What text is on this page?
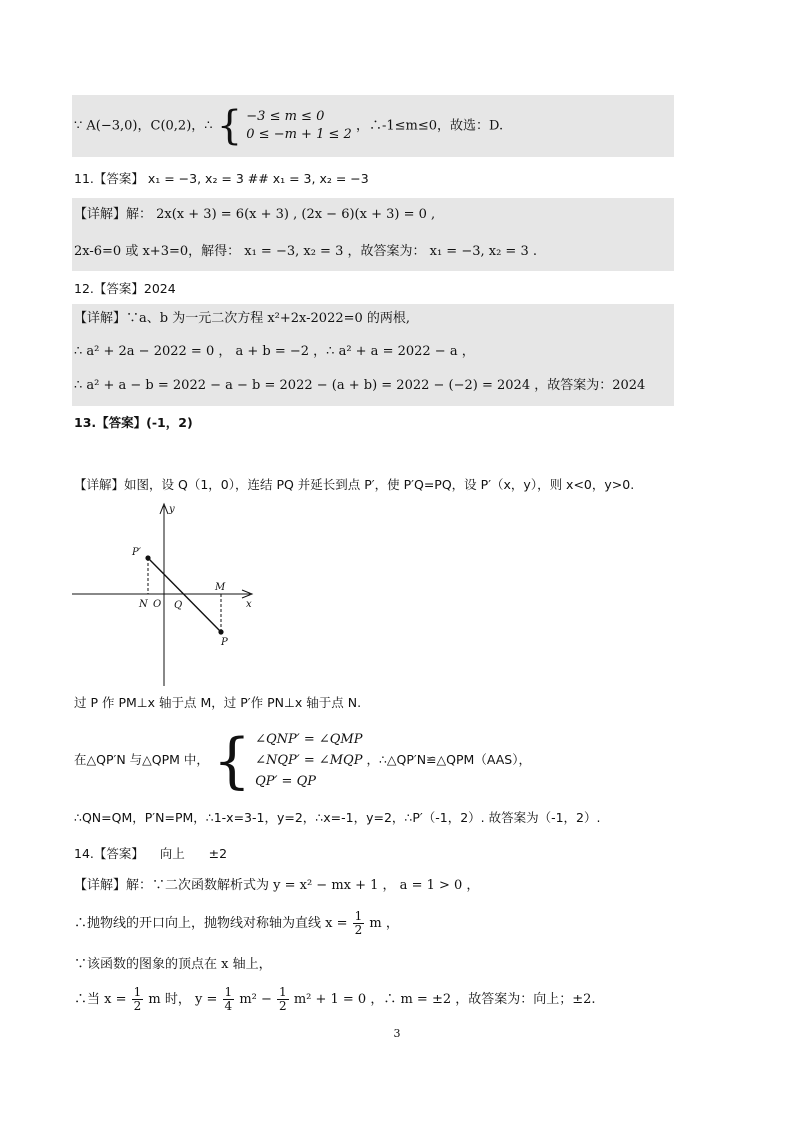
∵ A(−3,0)，C(0,2)，∴ { −3 ≤ m ≤ 0
0 ≤ −m + 1 ≤ 2
，∴-1≤m≤0，故选：D.
11.【答案】 x₁ = −3, x₂ = 3 ## x₁ = 3, x₂ = −3
【详解】解： 2x(x + 3) = 6(x + 3) , (2x − 6)(x + 3) = 0 ,
2x-6=0 或 x+3=0，解得： x₁ = −3, x₂ = 3 ，故答案为： x₁ = −3, x₂ = 3 .
12.【答案】2024
【详解】∵a、b 为一元二次方程 x²+2x-2022=0 的两根,
∴ a² + 2a − 2022 = 0 ， a + b = −2 ，∴ a² + a = 2022 − a ，
∴ a² + a − b = 2022 − a − b = 2022 − (a + b) = 2022 − (−2) = 2024 ，故答案为：2024
13.【答案】(-1，2)
【详解】如图，设 Q（1，0），连结 PQ 并延长到点 P′，使 P′Q=PQ，设 P′（x，y），则 x<0，y>0.
y
x
P′
N O Q
M
P
过 P 作 PM⊥x 轴于点 M，过 P′作 PN⊥x 轴于点 N.
在△QP′N 与△QPM 中， { ∠QNP′ = ∠QMP
∠NQP′ = ∠MQP
QP′ = QP
，∴△QP′N≌△QPM（AAS），
∴QN=QM，P′N=PM，∴1-x=3-1，y=2，∴x=-1，y=2，∴P′（-1，2）. 故答案为（-1，2）.
14.【答案】    向上      ±2
【详解】解：∵二次函数解析式为 y = x² − mx + 1 ， a = 1 > 0 ，
∴抛物线的开口向上，抛物线对称轴为直线 $x = \frac{1}{2}$ m ，
∵该函数的图象的顶点在 x 轴上，
∴当 $x = \frac{1}{2}$ m 时， $y = \frac{1}{4} m^2 - \frac{1}{2} m^2 + 1 = 0$ ，∴ m = ±2 ，故答案为：向上；±2.
3
